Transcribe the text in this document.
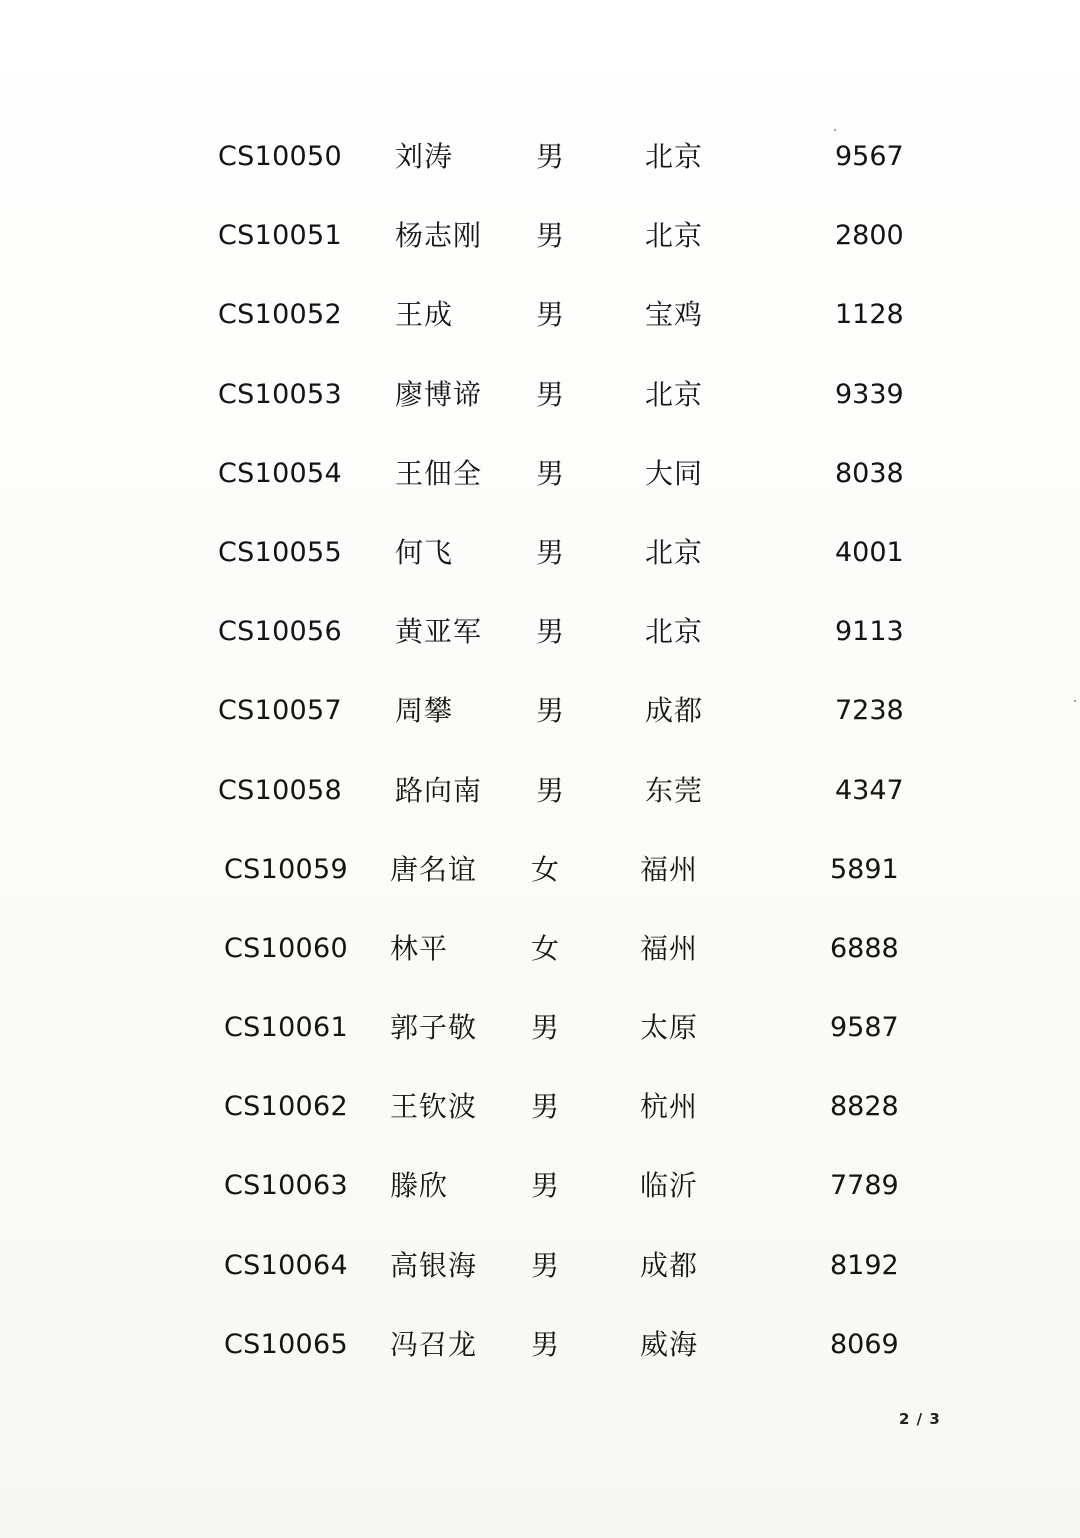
CS10050 刘涛	男	北京	9567
CS10051 杨志刚 男	北京	2800
CS10052 王成	男	宝鸡	1128
CS10053 廖博谛 男	北京	9339
CS10054 王佃全 男	大同	8038
CS10055 何飞	男	北京	4001
CS10056 黄亚军 男	北京	9113
CS10057 周攀	男	成都	7238
CS10058 路向南 男	东莞	4347
CS10059 唐名谊 女	福州	5891
CS10060 林平	女	福州	6888
CS10061 郭子敬 男	太原	9587
CS10062 王钦波 男	杭州	8828
CS10063 滕欣	男	临沂	7789
CS10064 高银海 男	成都	8192
CS10065 冯召龙 男	威海	8069
2 / 3
